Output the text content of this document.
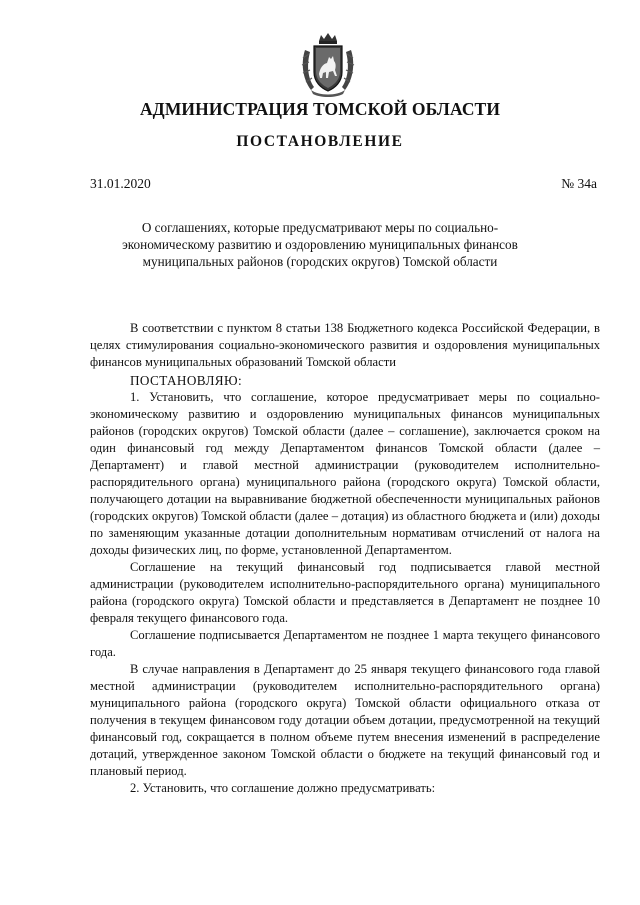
АДМИНИСТРАЦИЯ ТОМСКОЙ ОБЛАСТИ
ПОСТАНОВЛЕНИЕ
31.01.2020	№ 34а
О соглашениях, которые предусматривают меры по социально-экономическому развитию и оздоровлению муниципальных финансов муниципальных районов (городских округов) Томской области

В соответствии с пунктом 8 статьи 138 Бюджетного кодекса Российской Федерации, в целях стимулирования социально-экономического развития и оздоровления муниципальных финансов муниципальных образований Томской области

ПОСТАНОВЛЯЮ:

1. Установить, что соглашение, которое предусматривает меры по социально-экономическому развитию и оздоровлению муниципальных финансов муниципальных районов (городских округов) Томской области (далее – соглашение), заключается сроком на один финансовый год между Департаментом финансов Томской области (далее – Департамент) и главой местной администрации (руководителем исполнительно-распорядительного органа) муниципального района (городского округа) Томской области, получающего дотации на выравнивание бюджетной обеспеченности муниципальных районов (городских округов) Томской области (далее – дотация) из областного бюджета и (или) доходы по заменяющим указанные дотации дополнительным нормативам отчислений от налога на доходы физических лиц, по форме, установленной Департаментом.

Соглашение на текущий финансовый год подписывается главой местной администрации (руководителем исполнительно-распорядительного органа) муниципального района (городского округа) Томской области и представляется в Департамент не позднее 10 февраля текущего финансового года.

Соглашение подписывается Департаментом не позднее 1 марта текущего финансового года.

В случае направления в Департамент до 25 января текущего финансового года главой местной администрации (руководителем исполнительно-распорядительного органа) муниципального района (городского округа) Томской области официального отказа от получения в текущем финансовом году дотации объем дотации, предусмотренной на текущий финансовый год, сокращается в полном объеме путем внесения изменений в распределение дотаций, утвержденное законом Томской области о бюджете на текущий финансовый год и плановый период.

2. Установить, что соглашение должно предусматривать:
